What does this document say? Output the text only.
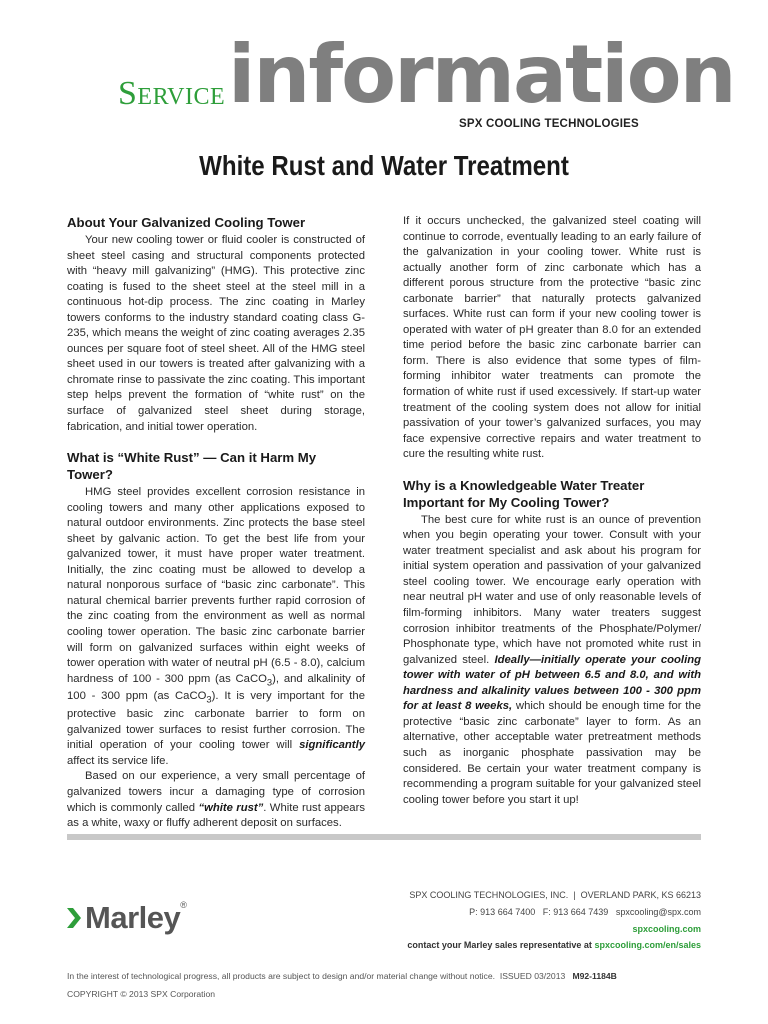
information
Service
SPX COOLING TECHNOLOGIES
White Rust and Water Treatment
About Your Galvanized Cooling Tower

Your new cooling tower or fluid cooler is constructed of sheet steel casing and structural components protected with “heavy mill galvanizing” (HMG). This protective zinc coating is fused to the sheet steel at the steel mill in a continuous hot-dip process. The zinc coating in Marley towers conforms to the industry standard coating class G-235, which means the weight of zinc coating averages 2.35 ounces per square foot of steel sheet. All of the HMG steel sheet used in our towers is treated after galvanizing with a chromate rinse to passivate the zinc coating. This important step helps prevent the formation of “white rust” on the surface of galvanized steel sheet during storage, fabrication, and initial tower operation.

What is “White Rust” — Can it Harm My Tower?

HMG steel provides excellent corrosion resistance in cooling towers and many other applications exposed to natural outdoor environments. Zinc protects the base steel sheet by galvanic action. To get the best life from your galvanized tower, it must have proper water treatment. Initially, the zinc coating must be allowed to develop a natural nonporous surface of “basic zinc carbonate”. This natural chemical barrier prevents further rapid corrosion of the zinc coating from the environment as well as normal cooling tower operation. The basic zinc carbonate barrier will form on galvanized surfaces within eight weeks of tower operation with water of neutral pH (6.5 - 8.0), calcium hardness of 100 - 300 ppm (as CaCO$_3$), and alkalinity of 100 - 300 ppm (as CaCO$_3$). It is very important for the protective basic zinc carbonate barrier to form on galvanized tower surfaces to resist further corrosion. The initial operation of your cooling tower will significantly affect its service life.

Based on our experience, a very small percentage of galvanized towers incur a damaging type of corrosion which is commonly called “white rust”. White rust appears as a white, waxy or fluffy adherent deposit on surfaces.

If it occurs unchecked, the galvanized steel coating will continue to corrode, eventually leading to an early failure of the galvanization in your cooling tower. White rust is actually another form of zinc carbonate which has a different porous structure from the protective “basic zinc carbonate barrier” that naturally protects galvanized surfaces. White rust can form if your new cooling tower is operated with water of pH greater than 8.0 for an extended time period before the basic zinc carbonate barrier can form. There is also evidence that some types of film-forming inhibitor water treatments can promote the formation of white rust if used excessively. If start-up water treatment of the cooling system does not allow for initial passivation of your tower’s galvanized surfaces, you may face expensive corrective repairs and water treatment to cure the resulting white rust.

Why is a Knowledgeable Water Treater Important for My Cooling Tower?

The best cure for white rust is an ounce of prevention when you begin operating your tower. Consult with your water treatment specialist and ask about his program for initial system operation and passivation of your galvanized steel cooling tower. We encourage early operation with near neutral pH water and use of only reasonable levels of film-forming inhibitors. Many water treaters suggest corrosion inhibitor treatments of the Phosphate/Polymer/ Phosphonate type, which have not promoted white rust in galvanized steel. Ideally—initially operate your cooling tower with water of pH between 6.5 and 8.0, and with hardness and alkalinity values between 100 - 300 ppm for at least 8 weeks, which should be enough time for the protective “basic zinc carbonate” layer to form. As an alternative, other acceptable water pretreatment methods such as inorganic phosphate passivation may be considered. Be certain your water treatment company is recommending a program suitable for your galvanized steel cooling tower before you start it up!

SPX COOLING TECHNOLOGIES, INC.  |  OVERLAND PARK, KS 66213
P: 913 664 7400 F: 913 664 7439 spxcooling@spx.com
spxcooling.com
contact your Marley sales representative at spxcooling.com/en/sales
Marley®
In the interest of technological progress, all products are subject to design and/or material change without notice. ISSUED 03/2013 M92-1184B
COPYRIGHT © 2013 SPX Corporation
